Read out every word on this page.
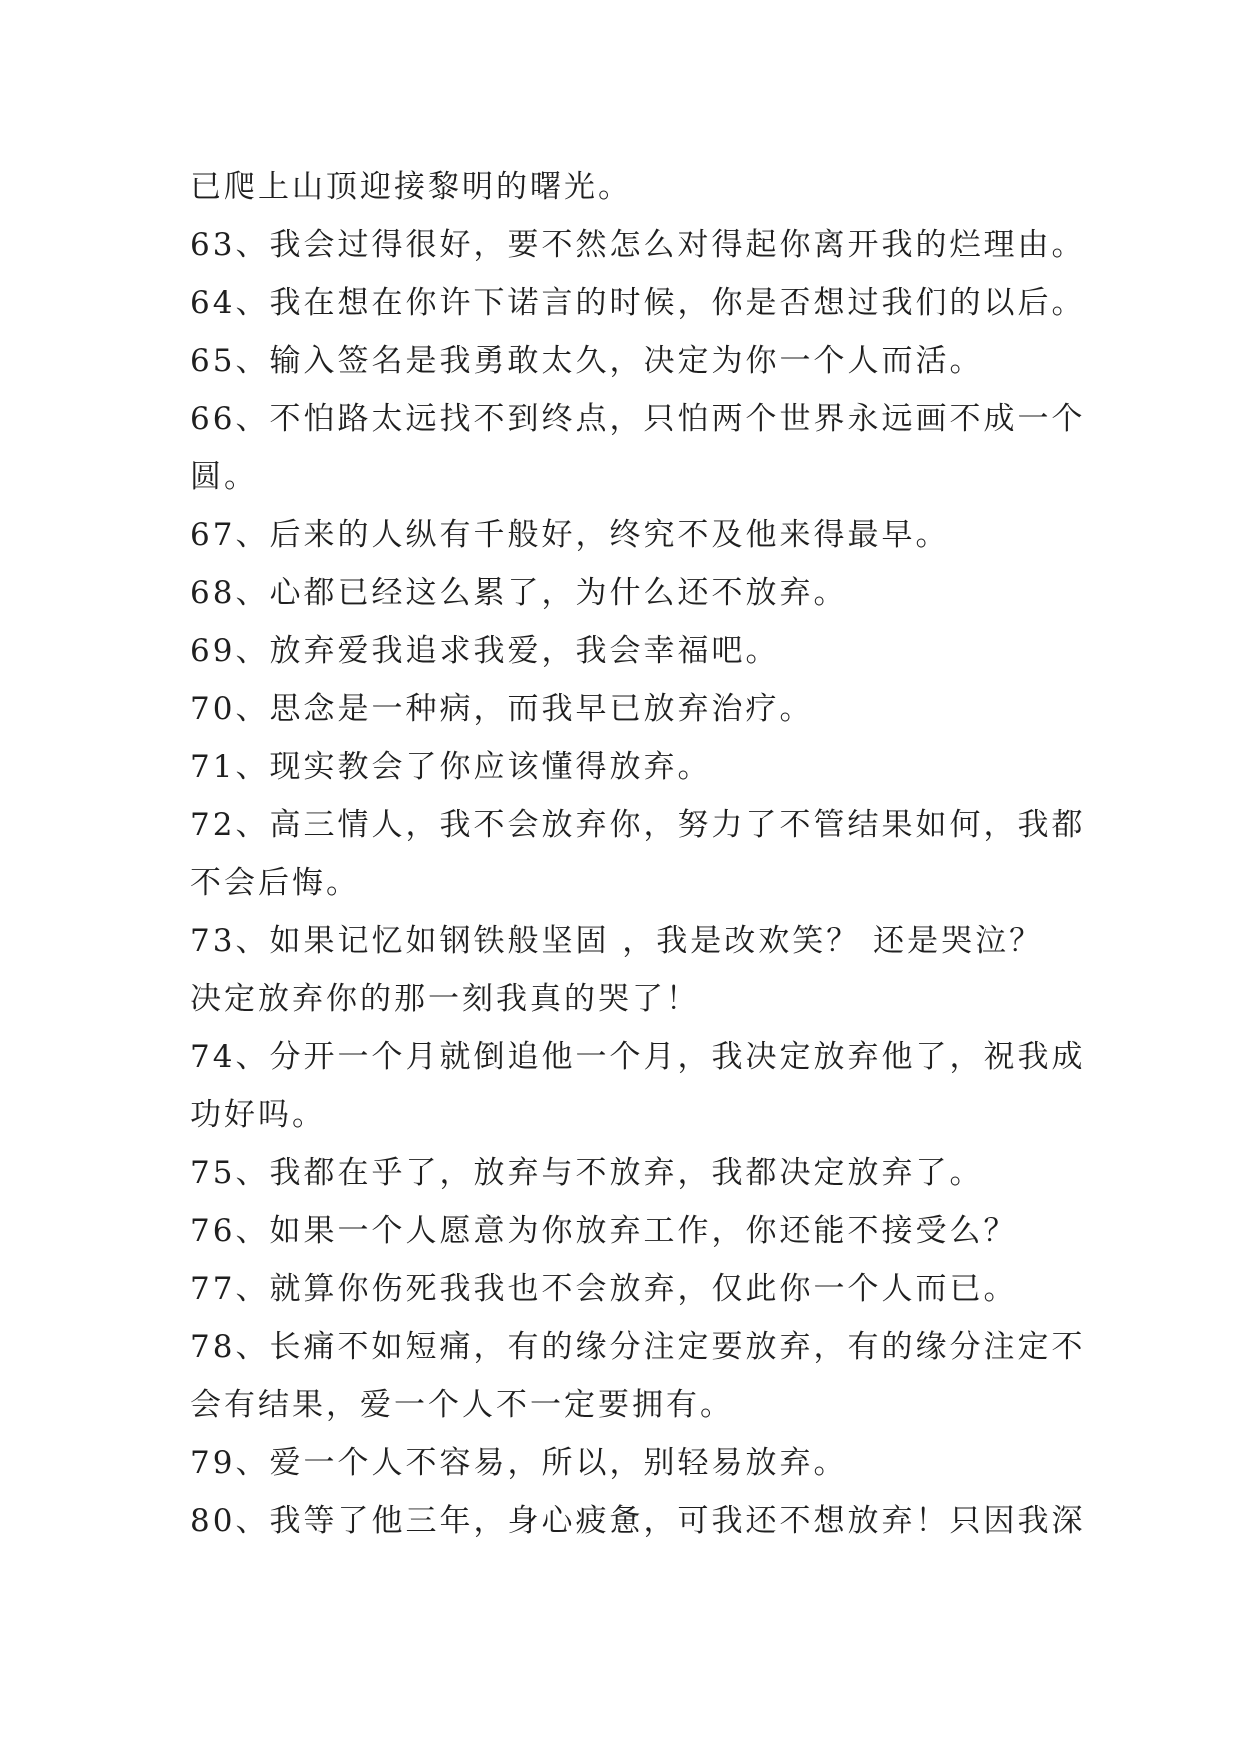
已爬上山顶迎接黎明的曙光。

63、我会过得很好，要不然怎么对得起你离开我的烂理由。

64、我在想在你许下诺言的时候，你是否想过我们的以后。

65、输入签名是我勇敢太久，决定为你一个人而活。

66、不怕路太远找不到终点，只怕两个世界永远画不成一个

圆。

67、后来的人纵有千般好，终究不及他来得最早。

68、心都已经这么累了，为什么还不放弃。

69、放弃爱我追求我爱，我会幸福吧。

70、思念是一种病，而我早已放弃治疗。

71、现实教会了你应该懂得放弃。

72、高三情人，我不会放弃你，努力了不管结果如何，我都

不会后悔。

73、如果记忆如钢铁般坚固 ，我是改欢笑？ 还是哭泣？

决定放弃你的那一刻我真的哭了！

74、分开一个月就倒追他一个月，我决定放弃他了，祝我成

功好吗。

75、我都在乎了，放弃与不放弃，我都决定放弃了。

76、如果一个人愿意为你放弃工作，你还能不接受么？

77、就算你伤死我我也不会放弃，仅此你一个人而已。

78、长痛不如短痛，有的缘分注定要放弃，有的缘分注定不

会有结果，爱一个人不一定要拥有。

79、爱一个人不容易，所以，别轻易放弃。

80、我等了他三年，身心疲惫，可我还不想放弃！只因我深
